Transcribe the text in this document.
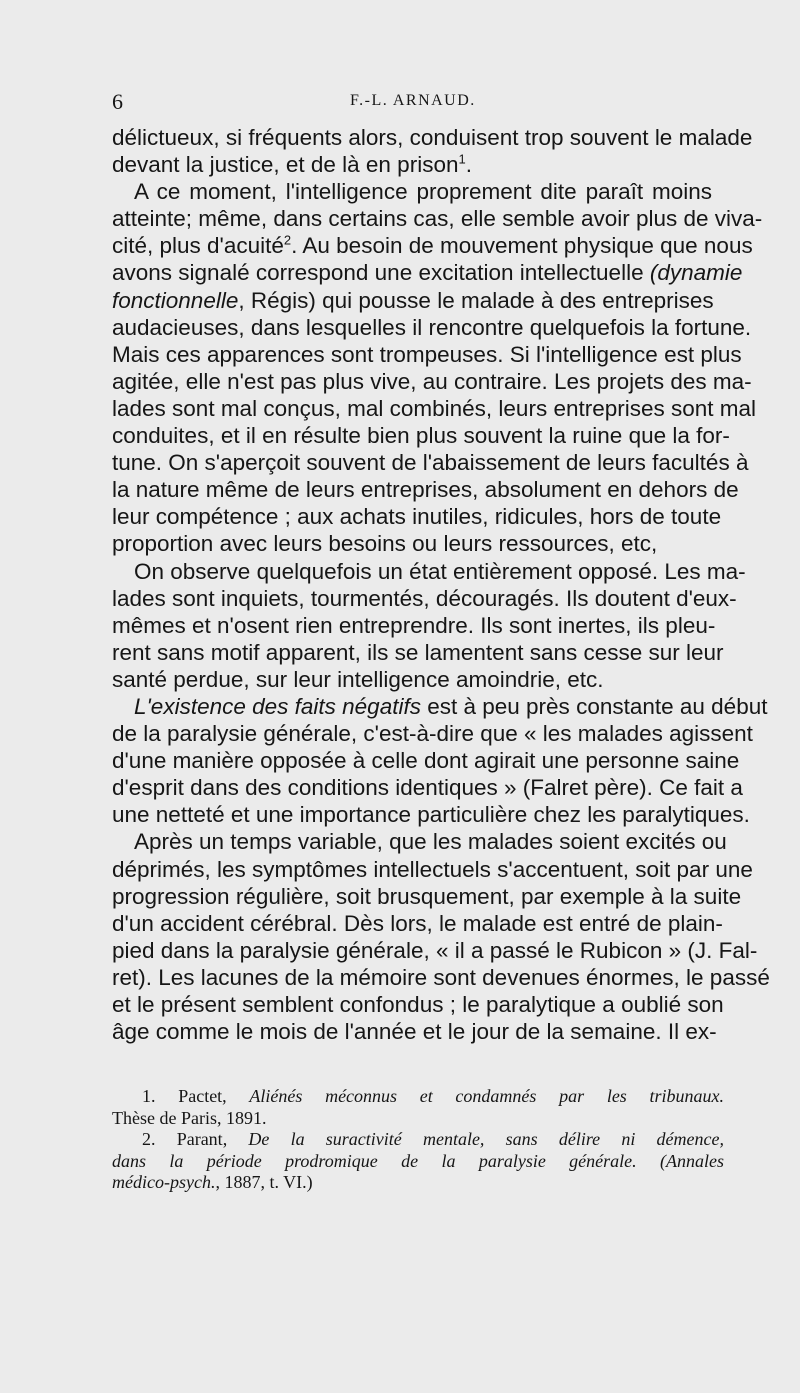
6	F.-L. ARNAUD.
délictueux, si fréquents alors, conduisent trop souvent le malade
devant la justice, et de là en prison$^1$.
A ce moment, l'intelligence proprement dite paraît moins
atteinte; même, dans certains cas, elle semble avoir plus de viva-
cité, plus d'acuité$^2$. Au besoin de mouvement physique que nous
avons signalé correspond une excitation intellectuelle (dynamie
fonctionnelle, Régis) qui pousse le malade à des entreprises
audacieuses, dans lesquelles il rencontre quelquefois la fortune.
Mais ces apparences sont trompeuses. Si l'intelligence est plus
agitée, elle n'est pas plus vive, au contraire. Les projets des ma-
lades sont mal conçus, mal combinés, leurs entreprises sont mal
conduites, et il en résulte bien plus souvent la ruine que la for-
tune. On s'aperçoit souvent de l'abaissement de leurs facultés à
la nature même de leurs entreprises, absolument en dehors de
leur compétence ; aux achats inutiles, ridicules, hors de toute
proportion avec leurs besoins ou leurs ressources, etc,
On observe quelquefois un état entièrement opposé. Les ma-
lades sont inquiets, tourmentés, découragés. Ils doutent d'eux-
mêmes et n'osent rien entreprendre. Ils sont inertes, ils pleu-
rent sans motif apparent, ils se lamentent sans cesse sur leur
santé perdue, sur leur intelligence amoindrie, etc.
L'existence des faits négatifs est à peu près constante au début
de la paralysie générale, c'est-à-dire que « les malades agissent
d'une manière opposée à celle dont agirait une personne saine
d'esprit dans des conditions identiques » (Falret père). Ce fait a
une netteté et une importance particulière chez les paralytiques.
Après un temps variable, que les malades soient excités ou
déprimés, les symptômes intellectuels s'accentuent, soit par une
progression régulière, soit brusquement, par exemple à la suite
d'un accident cérébral. Dès lors, le malade est entré de plain-
pied dans la paralysie générale, « il a passé le Rubicon » (J. Fal-
ret). Les lacunes de la mémoire sont devenues énormes, le passé
et le présent semblent confondus ; le paralytique a oublié son
âge comme le mois de l'année et le jour de la semaine. Il ex-
1. Pactet, Aliénés méconnus et condamnés par les tribunaux.
Thèse de Paris, 1891.
2. Parant, De la suractivité mentale, sans délire ni démence,
dans la période prodromique de la paralysie générale. (Annales
médico-psych., 1887, t. VI.)
